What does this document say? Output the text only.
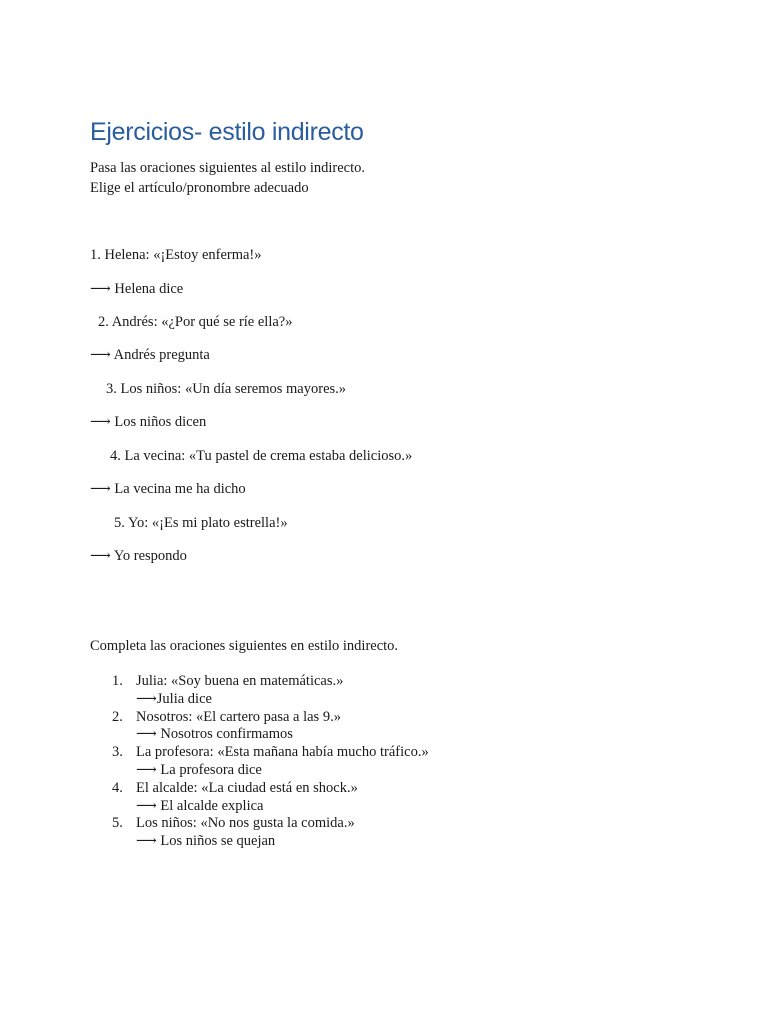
Ejercicios- estilo indirecto

Pasa las oraciones siguientes al estilo indirecto.

Elige el artículo/pronombre adecuado

1. Helena: «¡Estoy enferma!»

⟶ Helena dice

2. Andrés: «¿Por qué se ríe ella?»

⟶ Andrés pregunta

3. Los niños: «Un día seremos mayores.»

⟶ Los niños dicen

4. La vecina: «Tu pastel de crema estaba delicioso.»

⟶ La vecina me ha dicho

5. Yo: «¡Es mi plato estrella!»

⟶ Yo respondo

Completa las oraciones siguientes en estilo indirecto.

1. Julia: «Soy buena en matemáticas.»
⟶Julia dice
2. Nosotros: «El cartero pasa a las 9.»
⟶ Nosotros confirmamos
3. La profesora: «Esta mañana había mucho tráfico.»
⟶ La profesora dice
4. El alcalde: «La ciudad está en shock.»
⟶ El alcalde explica
5. Los niños: «No nos gusta la comida.»
⟶ Los niños se quejan
